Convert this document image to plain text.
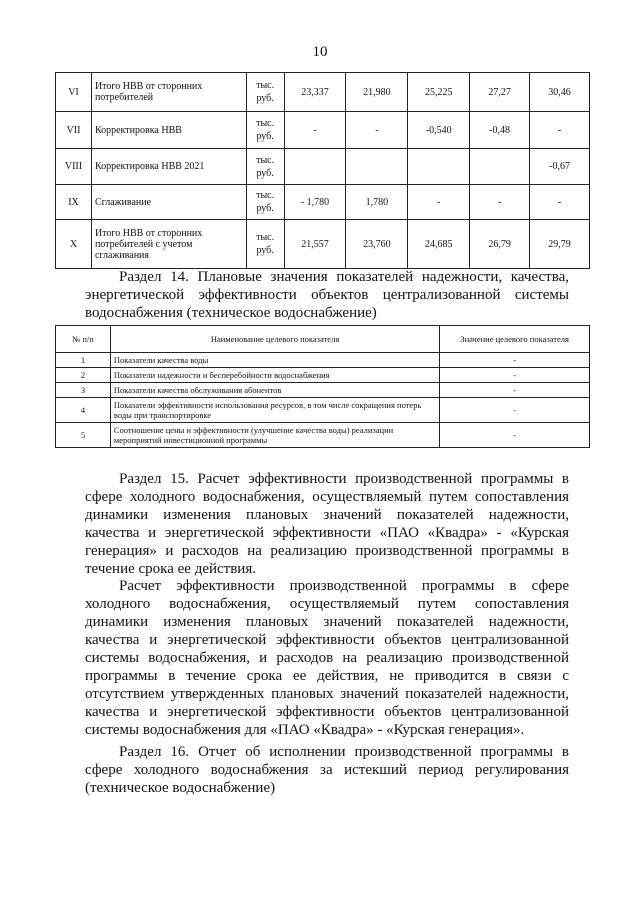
10
VI	Итого НВВ от сторонних потребителей	тыс. руб.	23,337	21,980	25,225	27,27	30,46
VII	Корректировка НВВ	тыс. руб.	-	-	-0,540	-0,48	-
VIII	Корректировка НВВ 2021	тыс. руб.					-0,67
IX	Сглаживание	тыс. руб.	- 1,780	1,780	-	-	-
X	Итого НВВ от сторонних потребителей с учетом сглаживания	тыс. руб.	21,557	23,760	24,685	26,79	29,79
Раздел 14. Плановые значения показателей надежности, качества,
энергетической эффективности объектов централизованной системы
водоснабжения (техническое водоснабжение)
№ п/п	Наименование целевого показателя	Значение целевого показателя
1	Показатели качества воды	-
2	Показатели надежности и бесперебойности водоснабжения	-
3	Показатели качества обслуживания абонентов	-
4	Показатели эффективности использования ресурсов, в том числе сокращения потерь воды при транспортировке	-
5	Соотношение цены и эффективности (улучшение качества воды) реализации мероприятий инвестиционной программы	-
Раздел 15. Расчет эффективности производственной программы в сфере холодного водоснабжения, осуществляемый путем сопоставления динамики изменения плановых значений показателей надежности, качества и энергетической эффективности «ПАО «Квадра» - «Курская генерация» и расходов на реализацию производственной программы в течение срока ее действия.
Расчет эффективности производственной программы в сфере холодного водоснабжения, осуществляемый путем сопоставления динамики изменения плановых значений показателей надежности, качества и энергетической эффективности объектов централизованной системы водоснабжения, и расходов на реализацию производственной программы в течение срока ее действия, не приводится в связи с отсутствием утвержденных плановых значений показателей надежности, качества и энергетической эффективности объектов централизованной системы водоснабжения для «ПАО «Квадра» - «Курская генерация».
Раздел 16. Отчет об исполнении производственной программы в сфере холодного водоснабжения за истекший период регулирования (техническое водоснабжение)
